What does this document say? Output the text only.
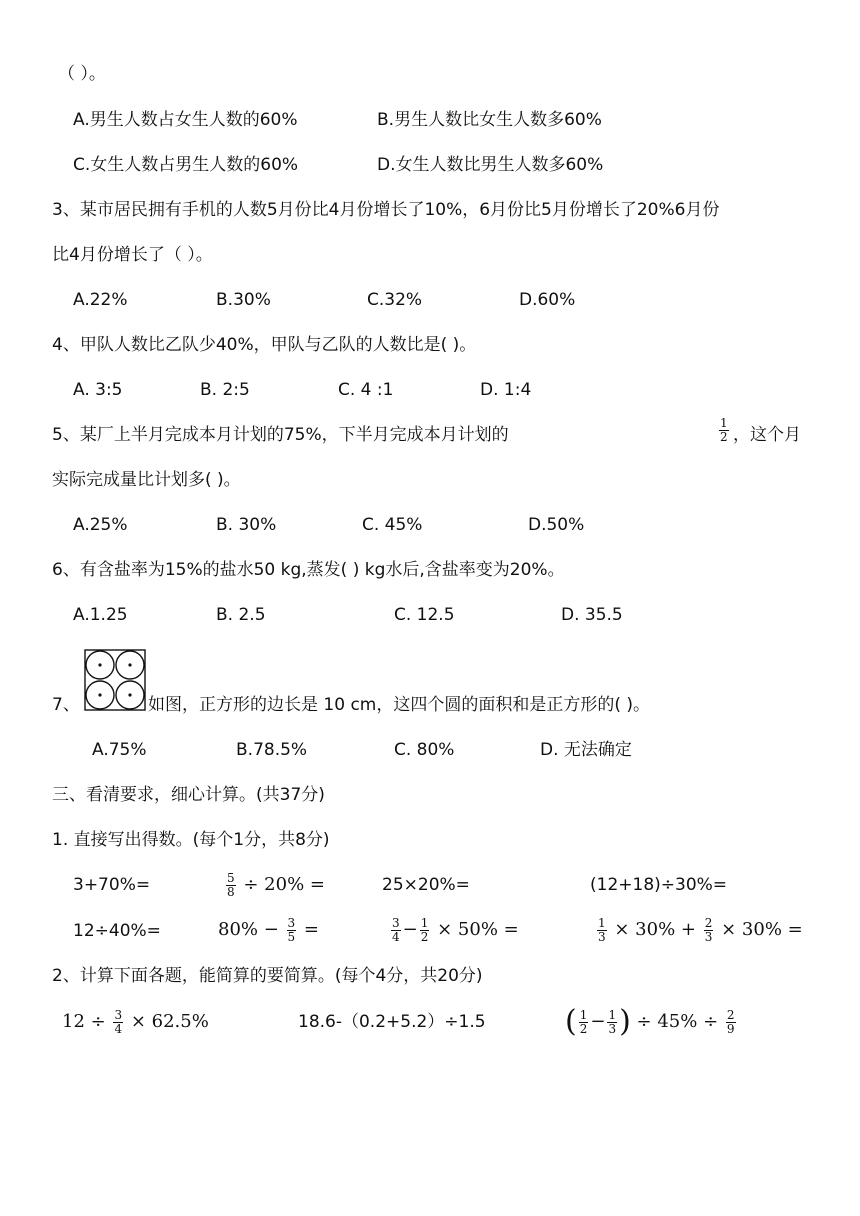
（ ）。
A.男生人数占女生人数的60%	B.男生人数比女生人数多60%
C.女生人数占男生人数的60%	D.女生人数比男生人数多60%
3、某市居民拥有手机的人数5月份比4月份增长了10%，6月份比5月份增长了20%6月份
比4月份增长了（ ）。
A.22%	B.30%	C.32%	D.60%
4、甲队人数比乙队少40%，甲队与乙队的人数比是( )。
A. 3:5	B. 2:5	C. 4 :1	D. 1:4
5、某厂上半月完成本月计划的75%，下半月完成本月计划的	$\frac{1}{2}$ ，这个月
实际完成量比计划多( )。
A.25%	B. 30%	C. 45%	D.50%
6、有含盐率为15%的盐水50 kg,蒸发( ) kg水后,含盐率变为20%。
A.1.25	B. 2.5	C. 12.5	D. 35.5
7、	如图，正方形的边长是 10 cm，这四个圆的面积和是正方形的( )。
A.75%	B.78.5%	C. 80%	D. 无法确定
三、看清要求，细心计算。(共37分)
1. 直接写出得数。(每个1分，共8分)
3+70%=	$\frac{5}{8} \div 20\%$ =	25×20%=	(12+18)÷30%=
12÷40%=	$80\% - \frac{3}{5}$ =	$\frac{3}{4} - \frac{1}{2} \times 50\%$ =	$\frac{1}{3} \times 30\% + \frac{2}{3} \times 30\%$ =
2、计算下面各题，能简算的要简算。(每个4分，共20分)
$12 \div \frac{3}{4} \times 62.5\%$	18.6-（0.2+5.2）÷1.5	( $\frac{1}{2} - \frac{1}{3}$ ) ÷ $45\% \div \frac{2}{9}$
